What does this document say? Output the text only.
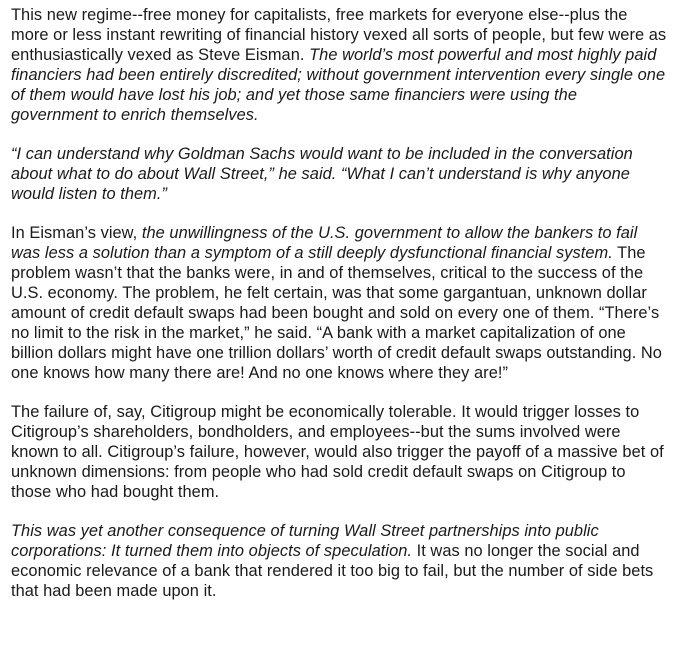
This new regime--free money for capitalists, free markets for everyone else--plus the more or less instant rewriting of financial history vexed all sorts of people, but few were as enthusiastically vexed as Steve Eisman. The world’s most powerful and most highly paid financiers had been entirely discredited; without government intervention every single one of them would have lost his job; and yet those same financiers were using the government to enrich themselves.

“I can understand why Goldman Sachs would want to be included in the conversation about what to do about Wall Street,” he said. “What I can’t understand is why anyone would listen to them.”

In Eisman’s view, the unwillingness of the U.S. government to allow the bankers to fail was less a solution than a symptom of a still deeply dysfunctional financial system. The problem wasn’t that the banks were, in and of themselves, critical to the success of the U.S. economy. The problem, he felt certain, was that some gargantuan, unknown dollar amount of credit default swaps had been bought and sold on every one of them. “There’s no limit to the risk in the market,” he said. “A bank with a market capitalization of one billion dollars might have one trillion dollars’ worth of credit default swaps outstanding. No one knows how many there are! And no one knows where they are!”

The failure of, say, Citigroup might be economically tolerable. It would trigger losses to Citigroup’s shareholders, bondholders, and employees--but the sums involved were known to all. Citigroup’s failure, however, would also trigger the payoff of a massive bet of unknown dimensions: from people who had sold credit default swaps on Citigroup to those who had bought them.

This was yet another consequence of turning Wall Street partnerships into public corporations: It turned them into objects of speculation. It was no longer the social and economic relevance of a bank that rendered it too big to fail, but the number of side bets that had been made upon it.
